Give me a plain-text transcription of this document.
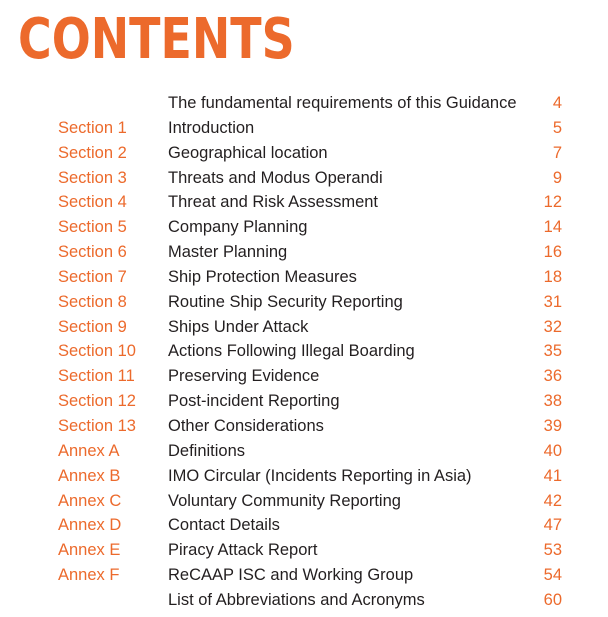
CONTENTS
The fundamental requirements of this Guidance 4
Section 1 Introduction	5
Section 2 Geographical location	7
Section 3 Threats and Modus Operandi	9
Section 4 Threat and Risk Assessment	12
Section 5 Company Planning	14
Section 6 Master Planning	16
Section 7 Ship Protection Measures	18
Section 8 Routine Ship Security Reporting	31
Section 9 Ships Under Attack	32
Section 10 Actions Following Illegal Boarding	35
Section 11 Preserving Evidence	36
Section 12 Post-incident Reporting	38
Section 13 Other Considerations	39
Annex A	Definitions	40
Annex B	IMO Circular (Incidents Reporting in Asia)	41
Annex C	Voluntary Community Reporting	42
Annex D	Contact Details	47
Annex E	Piracy Attack Report	53
Annex F	ReCAAP ISC and Working Group	54
List of Abbreviations and Acronyms	60
